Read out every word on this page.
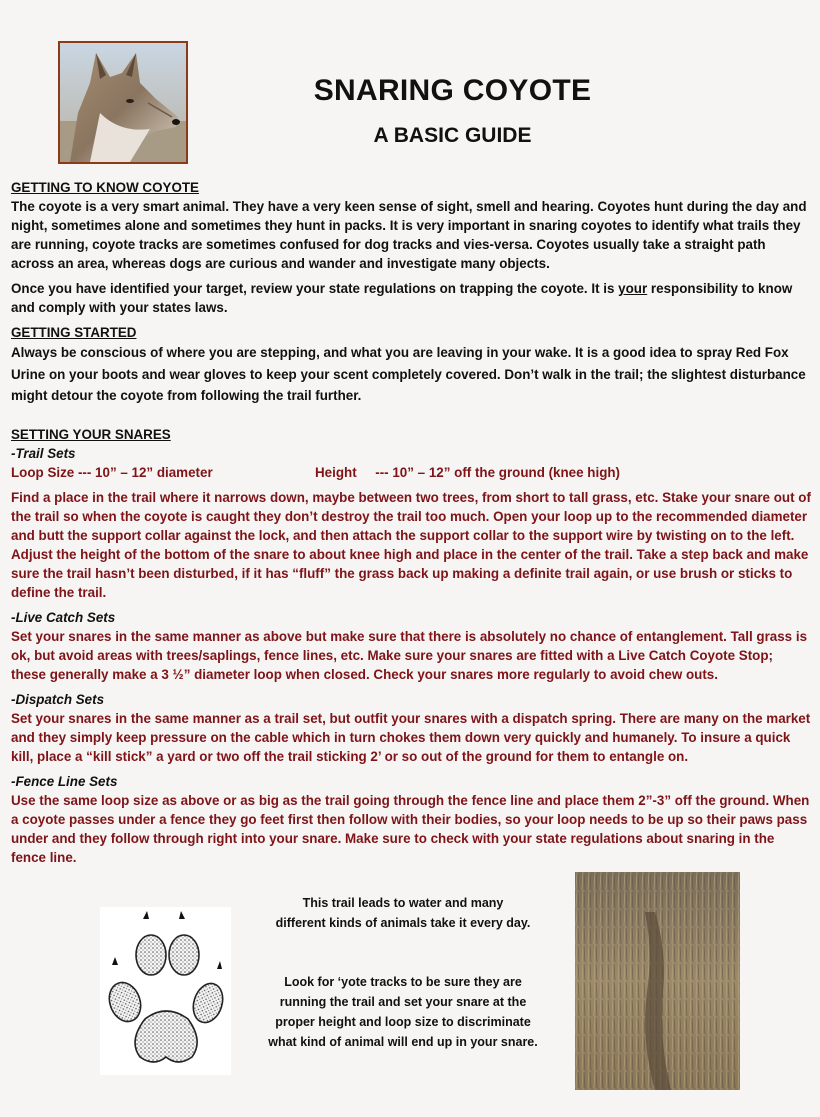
SNARING COYOTE
A BASIC GUIDE

GETTING TO KNOW COYOTE

The coyote is a very smart animal. They have a very keen sense of sight, smell and hearing. Coyotes hunt during the day and night, sometimes alone and sometimes they hunt in packs. It is very important in snaring coyotes to identify what trails they are running, coyote tracks are sometimes confused for dog tracks and vies-versa. Coyotes usually take a straight path across an area, whereas dogs are curious and wander and investigate many objects.

Once you have identified your target, review your state regulations on trapping the coyote. It is your responsibility to know and comply with your states laws.

GETTING STARTED

Always be conscious of where you are stepping, and what you are leaving in your wake. It is a good idea to spray Red Fox Urine on your boots and wear gloves to keep your scent completely covered. Don’t walk in the trail; the slightest disturbance might detour the coyote from following the trail further.

SETTING YOUR SNARES

-Trail Sets

Loop Size --- 10” – 12” diameter	Height     --- 10” – 12” off the ground (knee high)

Find a place in the trail where it narrows down, maybe between two trees, from short to tall grass, etc. Stake your snare out of the trail so when the coyote is caught they don’t destroy the trail too much. Open your loop up to the recommended diameter and butt the support collar against the lock, and then attach the support collar to the support wire by twisting on to the left. Adjust the height of the bottom of the snare to about knee high and place in the center of the trail. Take a step back and make sure the trail hasn’t been disturbed, if it has “fluff” the grass back up making a definite trail again, or use brush or sticks to define the trail.

-Live Catch Sets

Set your snares in the same manner as above but make sure that there is absolutely no chance of entanglement. Tall grass is ok, but avoid areas with trees/saplings, fence lines, etc. Make sure your snares are fitted with a Live Catch Coyote Stop; these generally make a 3 ½” diameter loop when closed. Check your snares more regularly to avoid chew outs.

-Dispatch Sets

Set your snares in the same manner as a trail set, but outfit your snares with a dispatch spring. There are many on the market and they simply keep pressure on the cable which in turn chokes them down very quickly and humanely. To insure a quick kill, place a “kill stick” a yard or two off the trail sticking 2’ or so out of the ground for them to entangle on.

-Fence Line Sets

Use the same loop size as above or as big as the trail going through the fence line and place them 2”-3” off the ground. When a coyote passes under a fence they go feet first then follow with their bodies, so your loop needs to be up so their paws pass under and they follow through right into your snare. Make sure to check with your state regulations about snaring in the fence line.

This trail leads to water and many
different kinds of animals take it every day.
Look for ‘yote tracks to be sure they are
running the trail and set your snare at the
proper height and loop size to discriminate
what kind of animal will end up in your snare.
